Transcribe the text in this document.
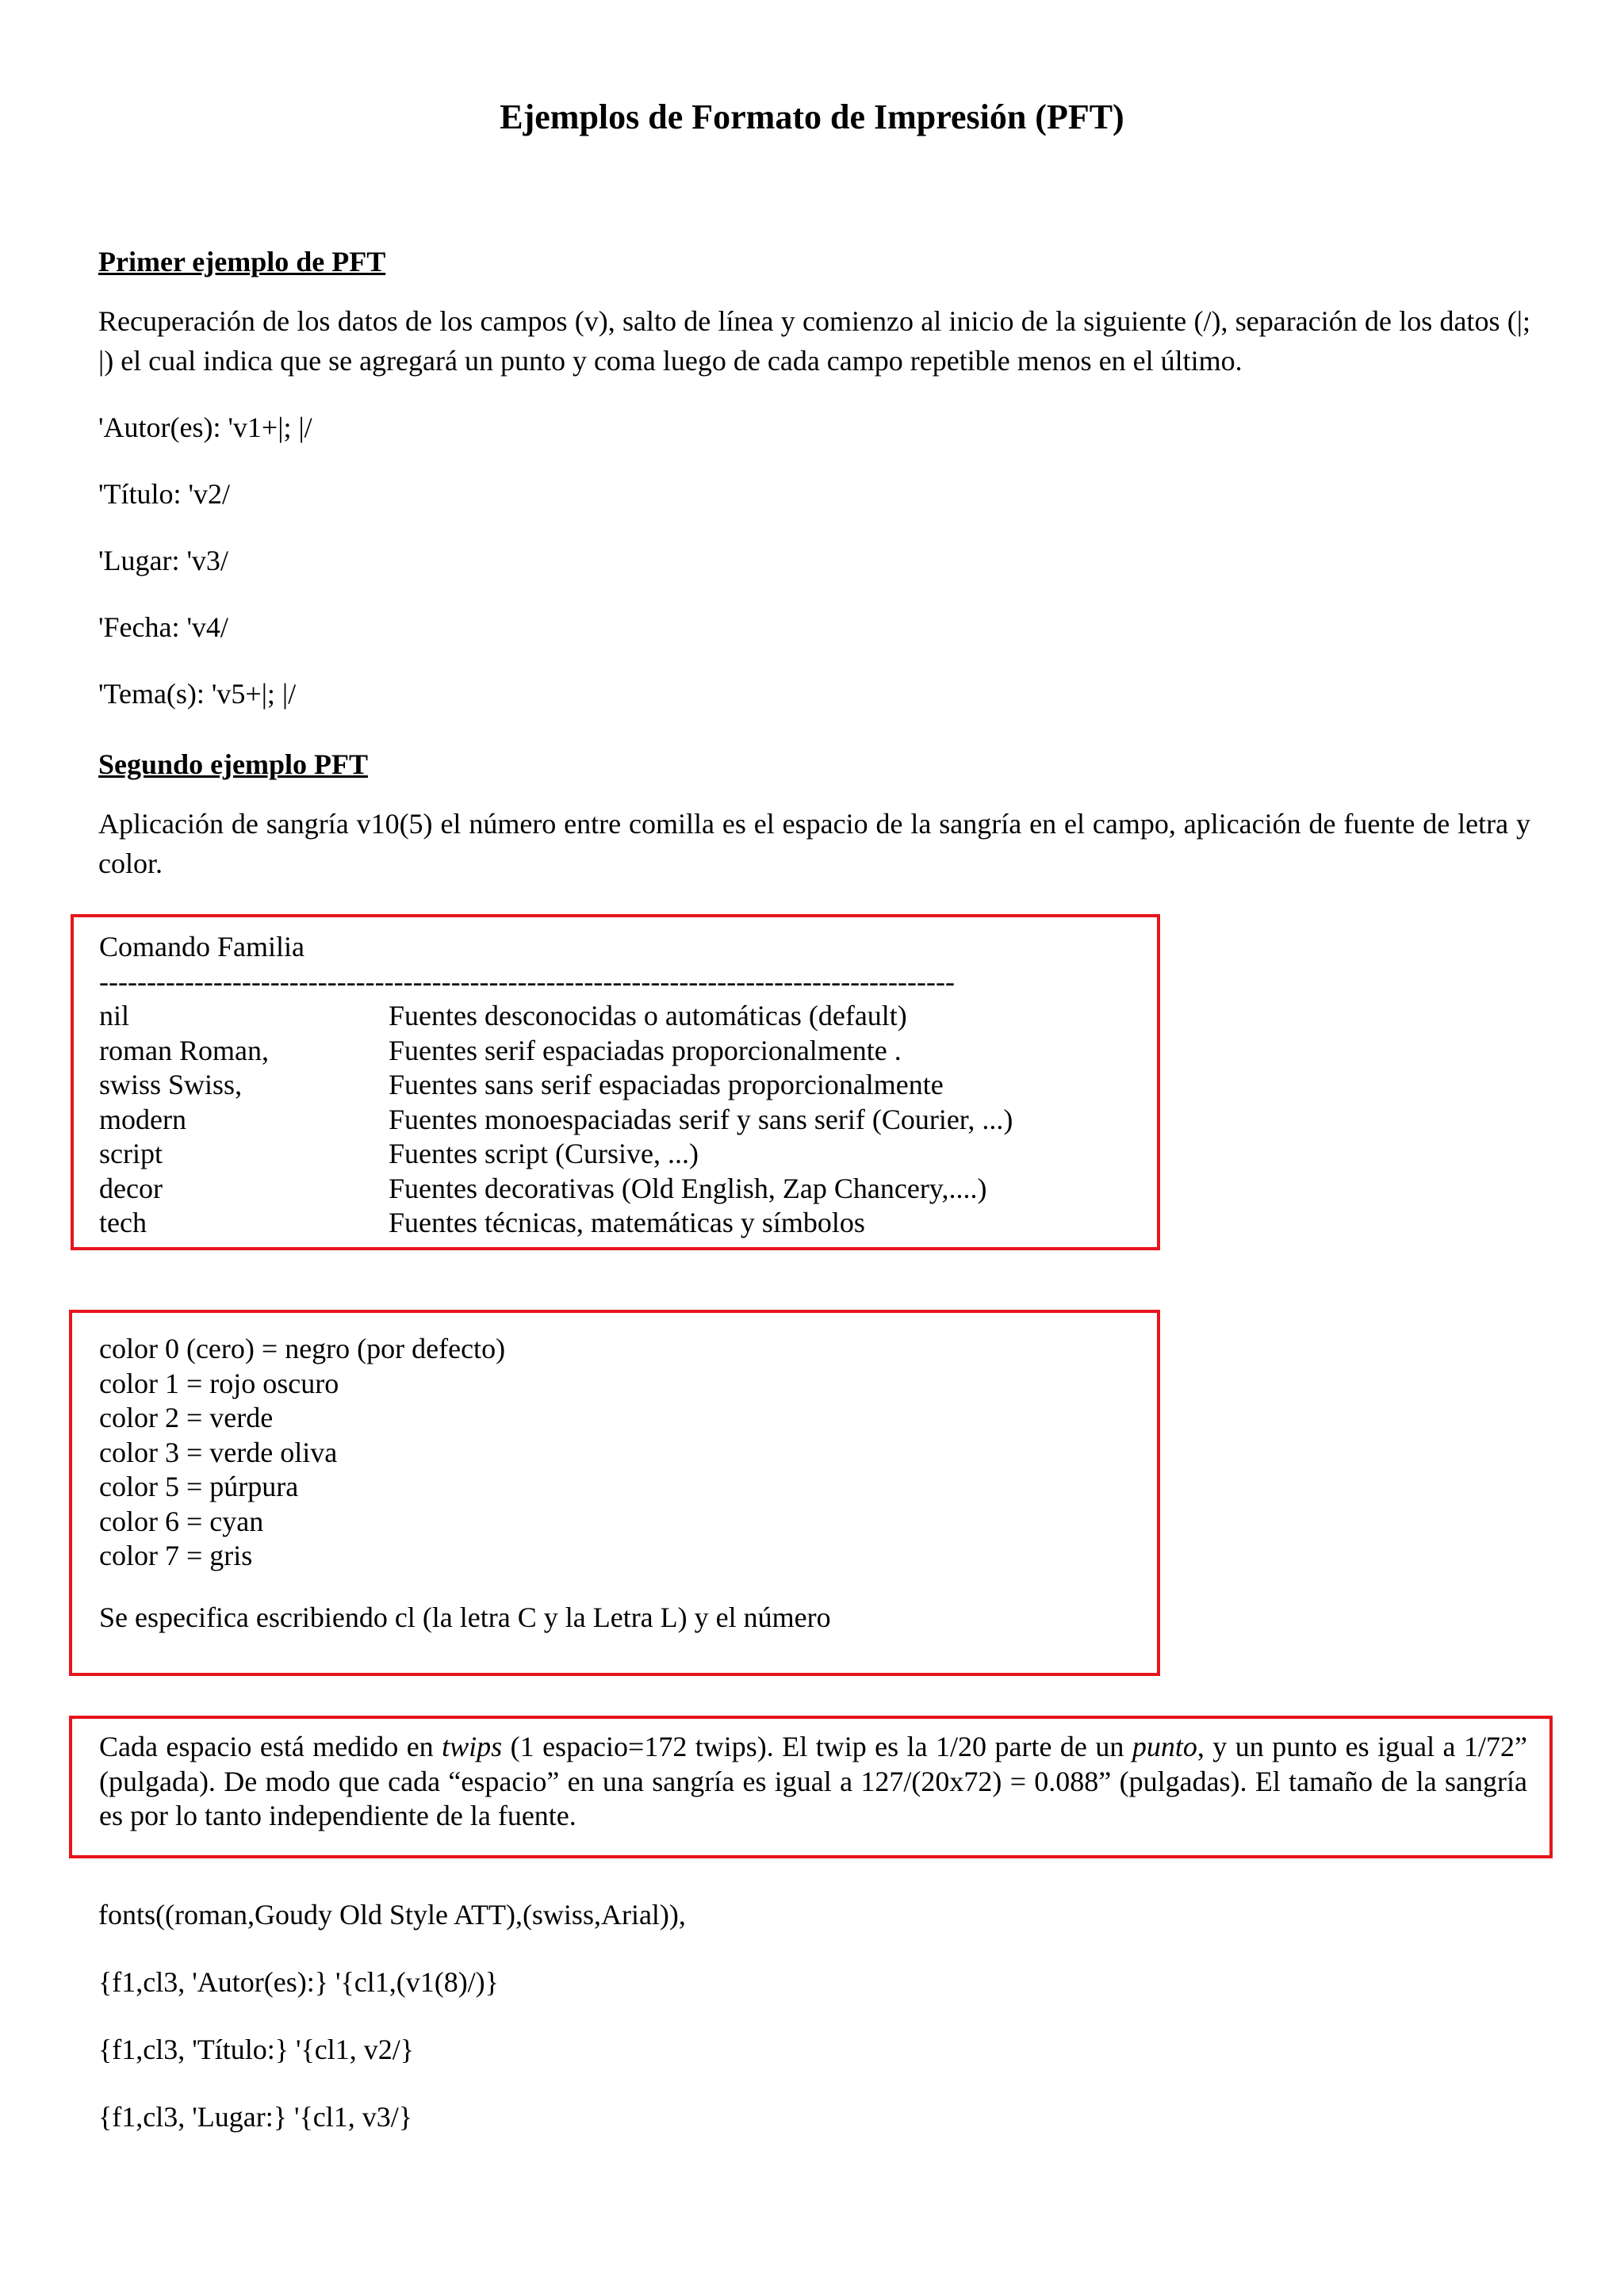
Ejemplos de Formato de Impresión (PFT)
Primer ejemplo de PFT
Recuperación de los datos de los campos (v), salto de línea y comienzo al inicio de la siguiente (/), separación de los datos (|; |) el cual indica que se agregará un punto y coma luego de cada campo repetible menos en el último.
'Autor(es): 'v1+|; |/
'Título: 'v2/
'Lugar: 'v3/
'Fecha: 'v4/
'Tema(s): 'v5+|; |/
Segundo ejemplo PFT
Aplicación de sangría v10(5) el número entre comilla es el espacio de la sangría en el campo, aplicación de fuente de letra y color.
Comando Familia
------------------------------------------------------------------------------------------
nil	Fuentes desconocidas o automáticas (default)
roman Roman,	Fuentes serif espaciadas proporcionalmente .
swiss Swiss,	Fuentes sans serif espaciadas proporcionalmente
modern	Fuentes monoespaciadas serif y sans serif (Courier, ...)
script	Fuentes script (Cursive, ...)
decor	Fuentes decorativas (Old English, Zap Chancery,....)
tech	Fuentes técnicas, matemáticas y símbolos
color 0 (cero) = negro (por defecto)
color 1 = rojo oscuro
color 2 = verde
color 3 = verde oliva
color 5 = púrpura
color 6 = cyan
color 7 = gris
Se especifica escribiendo cl (la letra C y la Letra L) y el número
Cada espacio está medido en twips (1 espacio=172 twips). El twip es la 1/20 parte de un punto, y un punto es igual a 1/72” (pulgada). De modo que cada “espacio” en una sangría es igual a 127/(20x72) = 0.088” (pulgadas). El tamaño de la sangría es por lo tanto independiente de la fuente.
fonts((roman,Goudy Old Style ATT),(swiss,Arial)),
{f1,cl3, 'Autor(es):} '{cl1,(v1(8)/)}
{f1,cl3, 'Título:} '{cl1, v2/}
{f1,cl3, 'Lugar:} '{cl1, v3/}
